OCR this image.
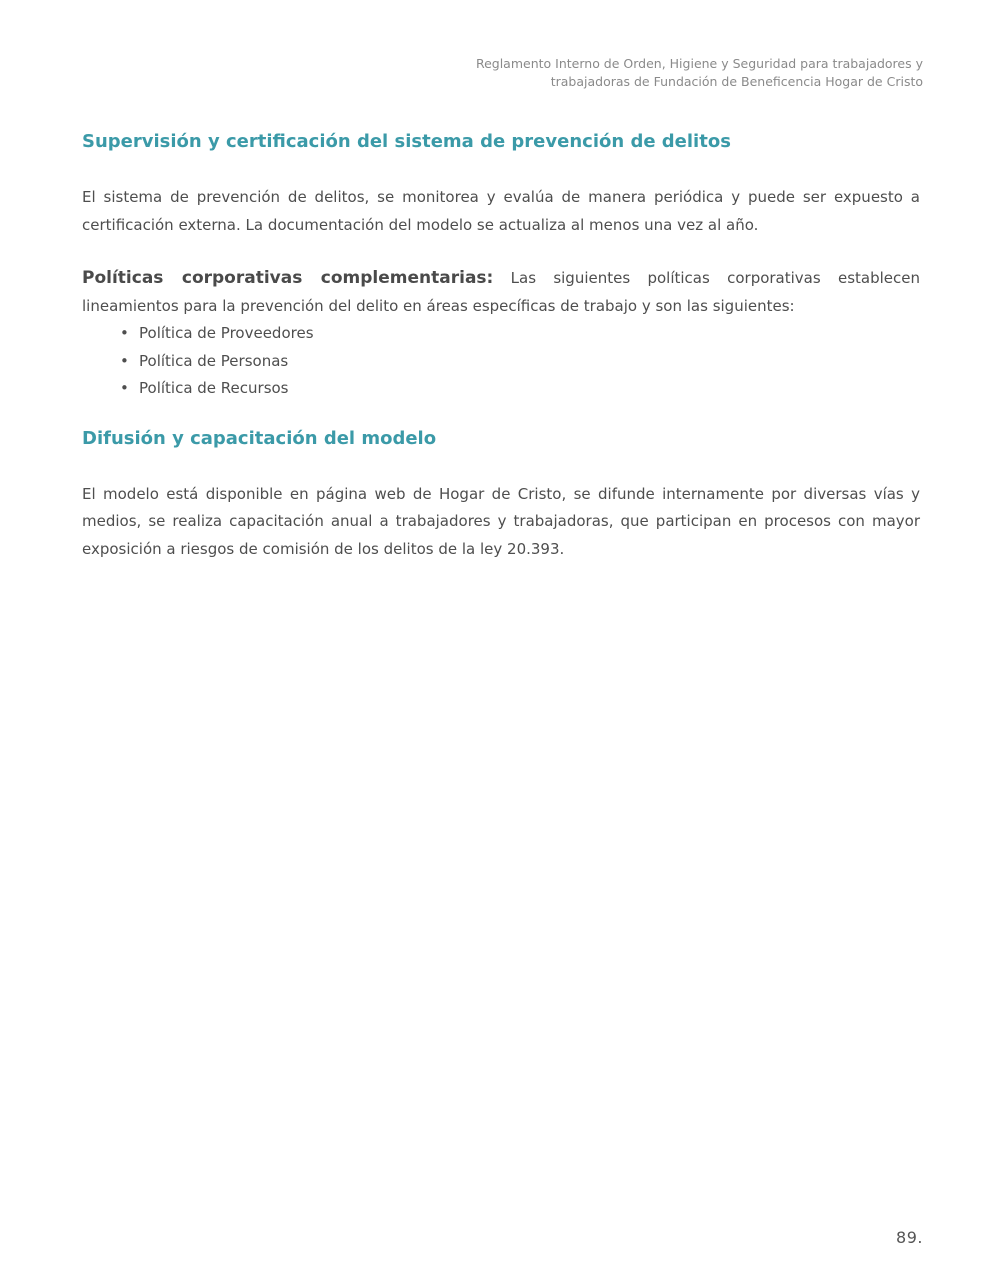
Reglamento Interno de Orden, Higiene y Seguridad para trabajadores y
trabajadoras de Fundación de Beneficencia Hogar de Cristo
Supervisión y certificación del sistema de prevención de delitos

El sistema de prevención de delitos, se monitorea y evalúa de manera periódica y puede ser expuesto a certificación externa. La documentación del modelo se actualiza al menos una vez al año.

Políticas corporativas complementarias: Las siguientes políticas corporativas establecen lineamientos para la prevención del delito en áreas específicas de trabajo y son las siguientes:

• Política de Proveedores
• Política de Personas
• Política de Recursos
Difusión y capacitación del modelo

El modelo está disponible en página web de Hogar de Cristo, se difunde internamente por diversas vías y medios, se realiza capacitación anual a trabajadores y trabajadoras, que participan en procesos con mayor exposición a riesgos de comisión de los delitos de la ley 20.393.

89.
